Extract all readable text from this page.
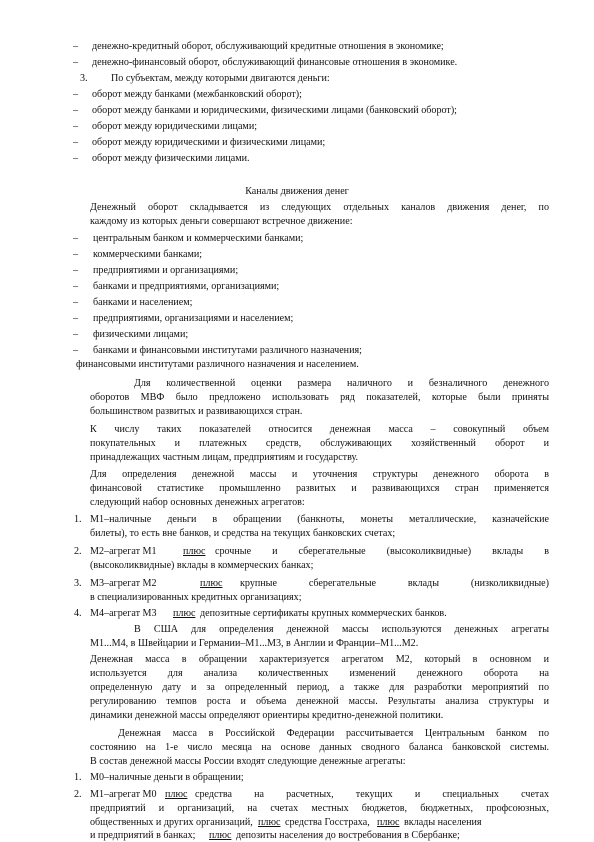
– денежно-кредитный оборот, обслуживающий кредитные отношения в экономике;
– денежно-финансовый оборот, обслуживающий финансовые отношения в экономике.
3. По субъектам, между которыми двигаются деньги:
– оборот между банками (межбанковский оборот);
– оборот между банками и юридическими, физическими лицами (банковский оборот);
– оборот между юридическими лицами;
– оборот между юридическими и физическими лицами;
– оборот между физическими лицами.
Каналы движения денег
Денежный оборот складывается из следующих отдельных каналов движения денег, по
каждому из которых деньги совершают встречное движение:
– центральным банком и коммерческими банками;
– коммерческими банками;
– предприятиями и организациями;
– банками и предприятиями, организациями;
– банками и населением;
– предприятиями, организациями и населением;
– физическими лицами;
– банками и финансовыми институтами различного назначения;
финансовыми институтами различного назначения и населением.
Для количественной оценки размера наличного и безналичного денежного
оборотов МВФ было предложено использовать ряд показателей, которые были приняты
большинством развитых и развивающихся стран.
К числу таких показателей относится денежная масса – совокупный объем
покупательных и платежных средств, обслуживающих хозяйственный оборот и
принадлежащих частным лицам, предприятиям и государству.
Для определения денежной массы и уточнения структуры денежного оборота в
финансовой статистике промышленно развитых и развивающихся стран применяется
следующий набор основных денежных агрегатов:
1. M1–наличные деньги в обращении (банкноты, монеты металлические, казначейские
билеты), то есть вне банков, и средства на текущих банковских счетах;
2. M2–агрегат M1	плюс срочные и сберегательные (высоколиквидные) вклады в
(высоколиквидные) вклады в коммерческих банках;
3. M3–агрегат M2	плюс крупные сберегательные вклады (низколиквидные)
в специализированных кредитных организациях;
4. M4–агрегат M3 плюс депозитные сертификаты крупных коммерческих банков.
В США для определения денежной массы используются денежных агрегаты
M1...M4, в Швейцарии и Германии–M1...M3, в Англии и Франции–M1...M2.
Денежная масса в обращении характеризуется агрегатом M2, который в основном и
используется для анализа количественных изменений денежного оборота на
определенную дату и за определенный период, а также для разработки мероприятий по
регулированию темпов роста и объема денежной массы. Результаты анализа структуры и
динамики денежной массы определяют ориентиры кредитно-денежной политики.
Денежная масса в Российской Федерации рассчитывается Центральным банком по
состоянию на 1-е число месяца на основе данных сводного баланса банковской системы.
В состав денежной массы России входят следующие денежные агрегаты:
1. M0–наличные деньги в обращении;
2. M1–агрегат M0 плюс средства на расчетных, текущих и специальных счетах
предприятий и организаций, на счетах местных бюджетов, бюджетных, профсоюзных,
общественных и других организаций, плюс средства Госстраха, плюс вклады населения
и предприятий в банках; плюс депозиты населения до востребования в Сбербанке;
